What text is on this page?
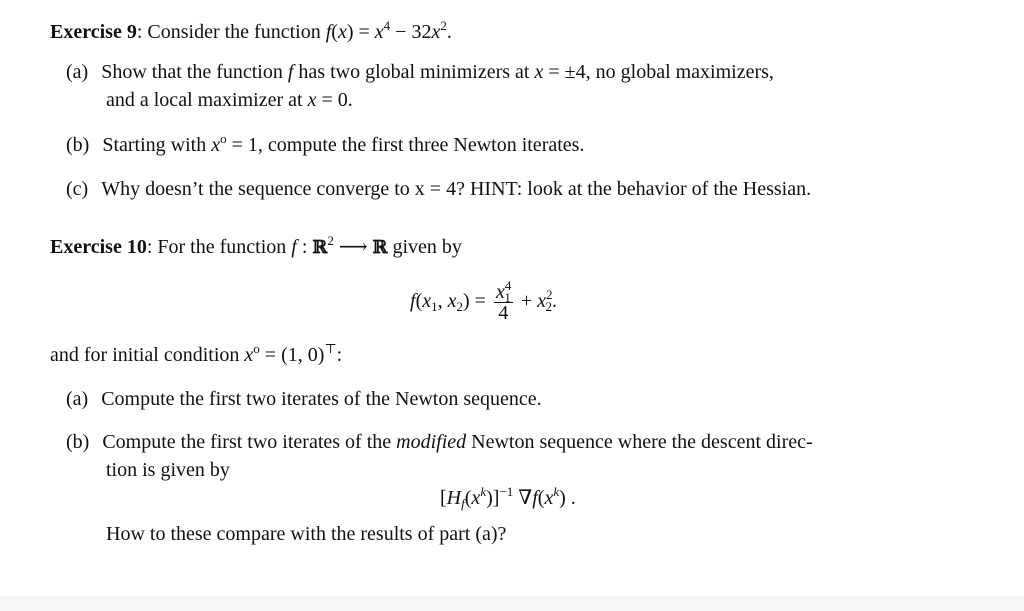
Exercise 9: Consider the function $f(x) = x^4 - 32x^2$.
(a) Show that the function f has two global minimizers at x = ±4, no global maximizers,
and a local maximizer at x = 0.
(b) Starting with $x^o = 1$, compute the first three Newton iterates.
(c) Why doesn’t the sequence converge to x = 4? HINT: look at the behavior of the Hessian.
Exercise 10: For the function f : ℝ$^2$ ⟶ ℝ given by
$f(x_1$, $x_2) = \frac{x^4_1}{4} + x^2_2$.
and for initial condition $x^o = (1$, 0)⊤:
(a) Compute the first two iterates of the Newton sequence.
(b) Compute the first two iterates of the modified Newton sequence where the descent direc-
tion is given by
$[H_f(x^k)]^{-1}$ $\nabla f(x^k)$ .
How to these compare with the results of part (a)?
